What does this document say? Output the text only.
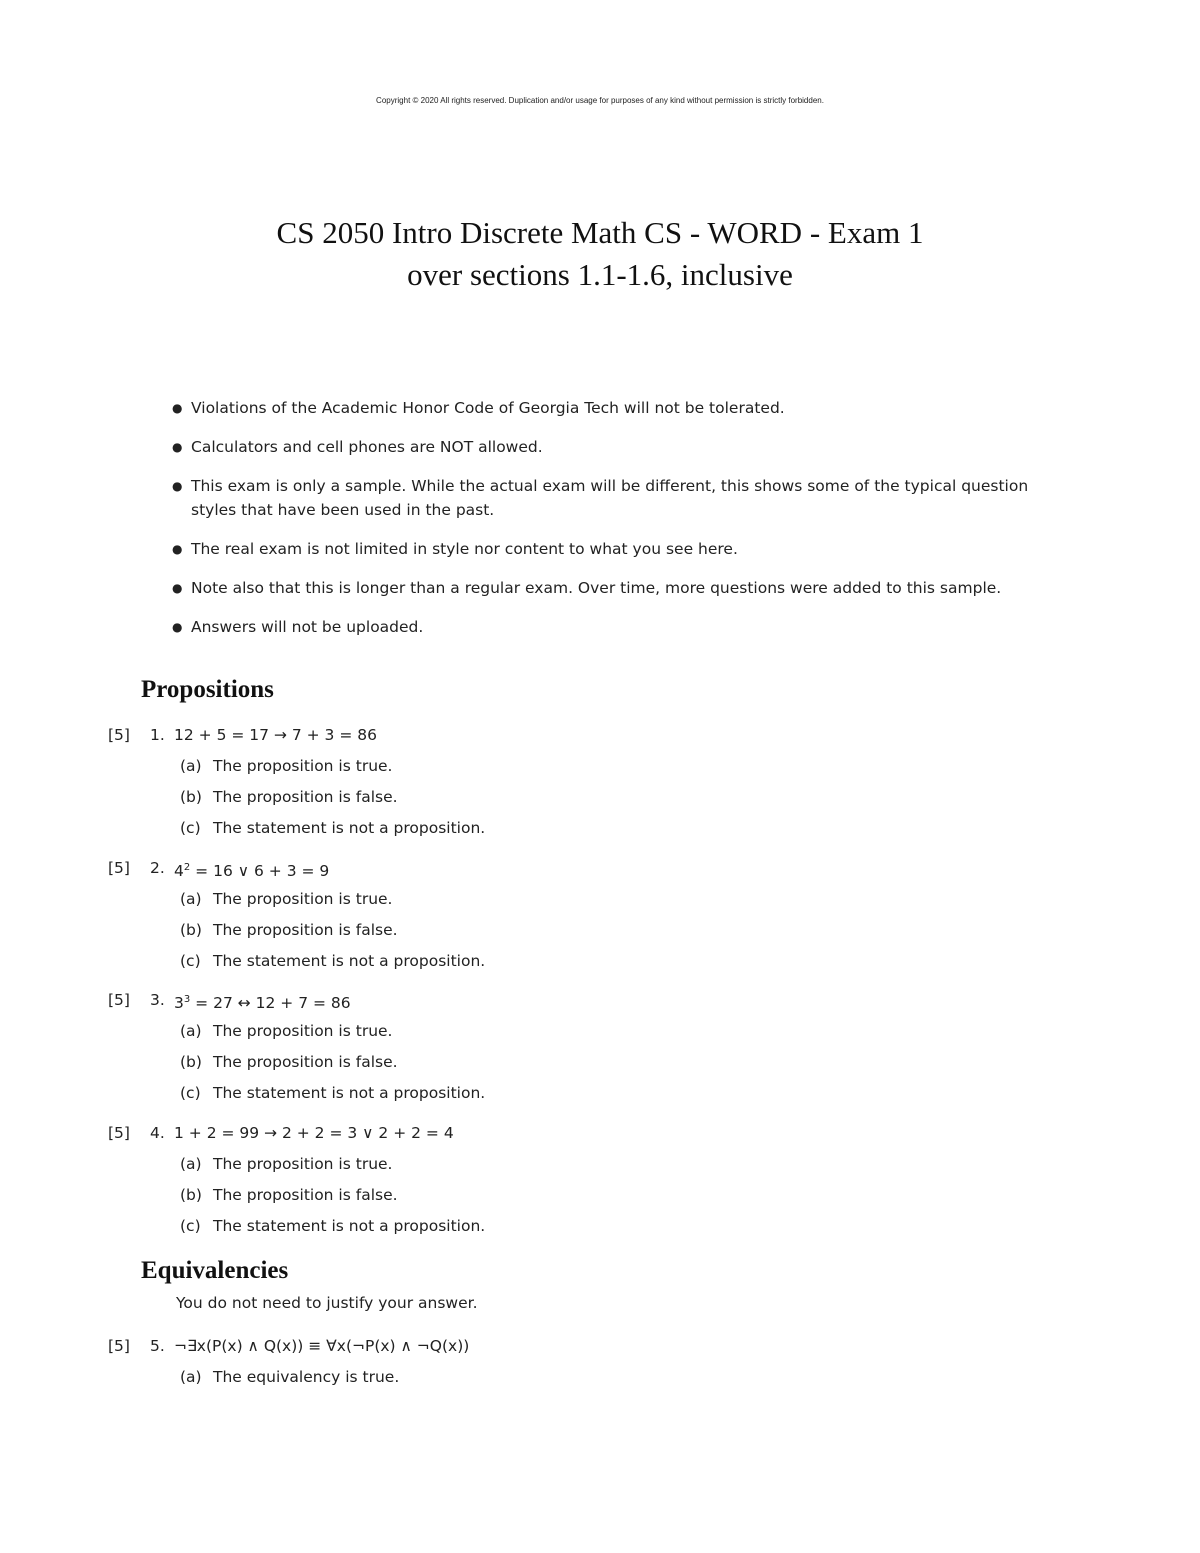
Copyright © 2020 All rights reserved. Duplication and/or usage for purposes of any kind without permission is strictly forbidden.
CS 2050 Intro Discrete Math CS - WORD - Exam 1
over sections 1.1-1.6, inclusive
● Violations of the Academic Honor Code of Georgia Tech will not be tolerated.
● Calculators and cell phones are NOT allowed.
● This exam is only a sample. While the actual exam will be different, this shows some of the typical question styles that have been used in the past.
● The real exam is not limited in style nor content to what you see here.
● Note also that this is longer than a regular exam. Over time, more questions were added to this sample.
● Answers will not be uploaded.
Propositions
[5] 1. 12 + 5 = 17 → 7 + 3 = 86
(a) The proposition is true.
(b) The proposition is false.
(c) The statement is not a proposition.
[5] 2. $4^2 = 16$ ∨ 6 + 3 = 9
(a) The proposition is true.
(b) The proposition is false.
(c) The statement is not a proposition.
[5] 3. $3^3 = 27$ ↔ 12 + 7 = 86
(a) The proposition is true.
(b) The proposition is false.
(c) The statement is not a proposition.
[5] 4. 1 + 2 = 99 → 2 + 2 = 3 ∨ 2 + 2 = 4
(a) The proposition is true.
(b) The proposition is false.
(c) The statement is not a proposition.
Equivalencies
You do not need to justify your answer.
[5] 5. ¬∃x(P(x) ∧ Q(x)) ≡ ∀x(¬P(x) ∧ ¬Q(x))
(a) The equivalency is true.
